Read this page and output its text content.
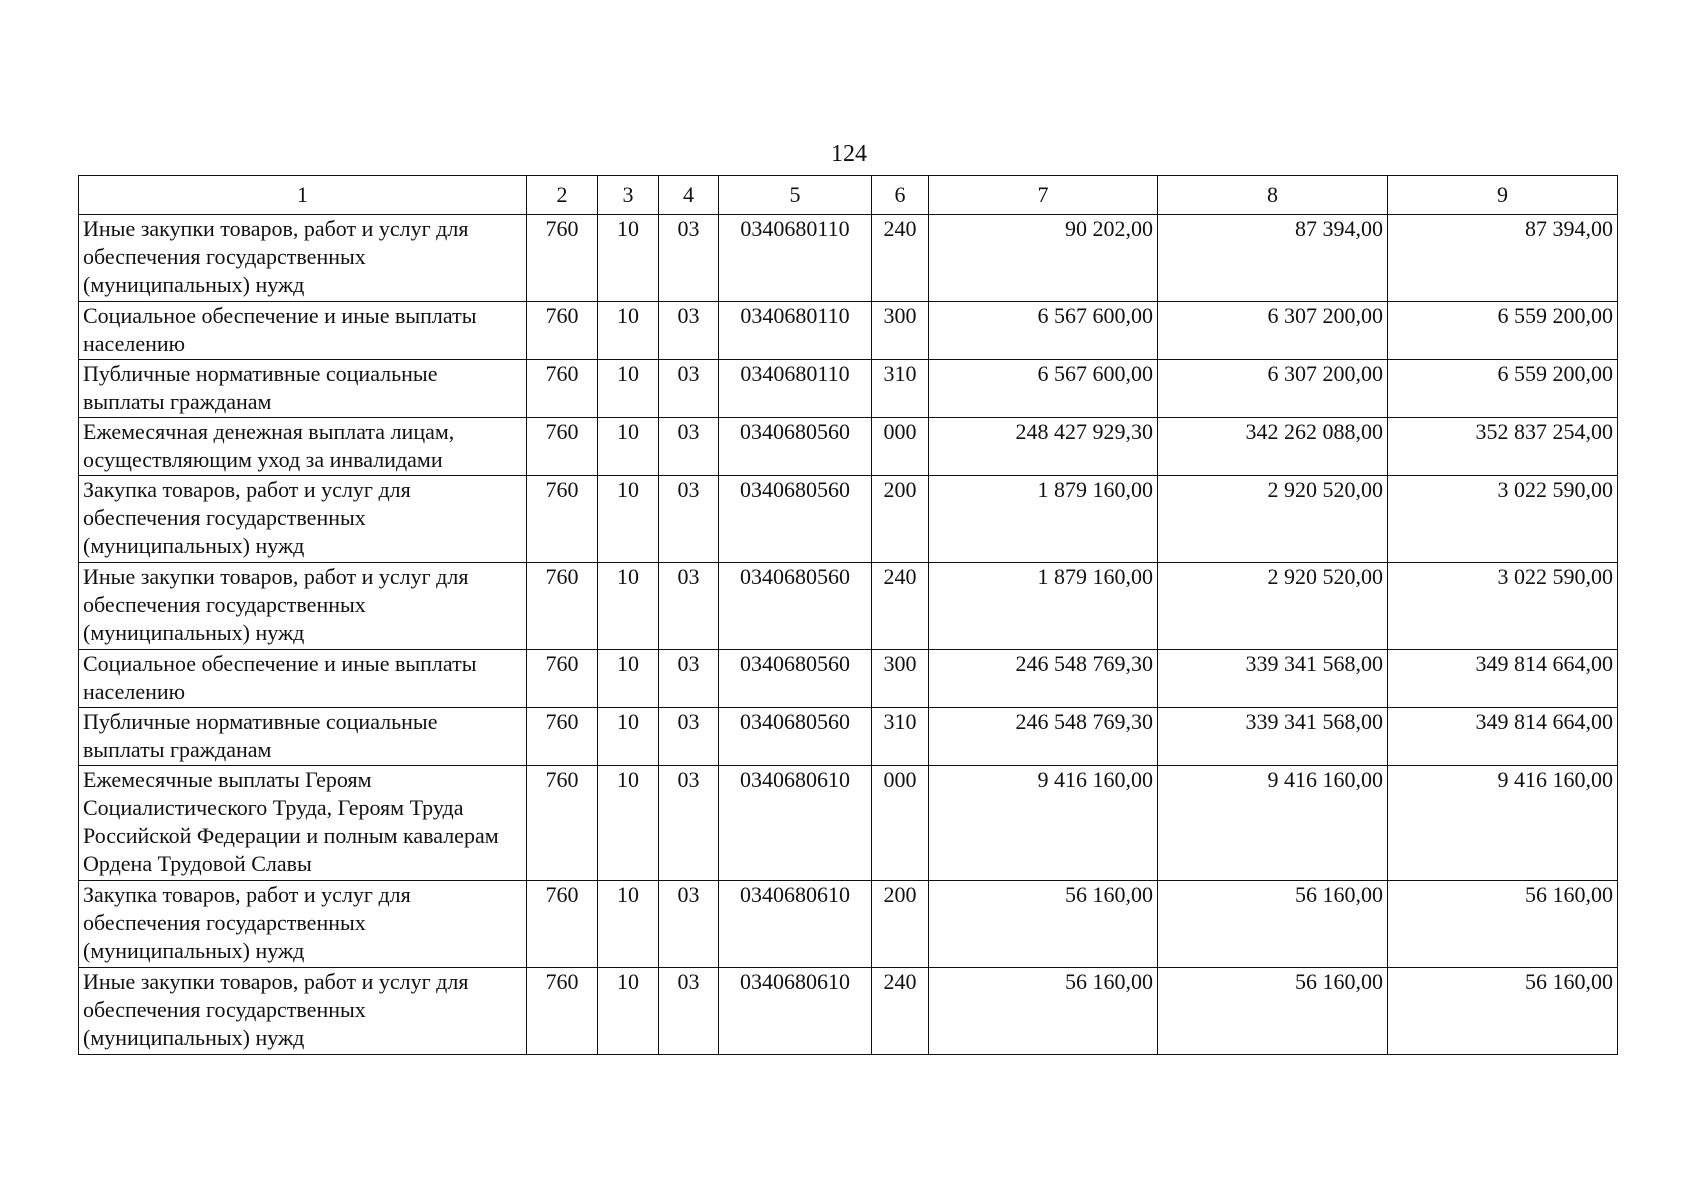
124
1	2	3	4	5	6	7	8	9
Иные закупки товаров, работ и услуг для обеспечения государственных (муниципальных) нужд	760	10	03	0340680110	240	90 202,00	87 394,00	87 394,00
Социальное обеспечение и иные выплаты населению	760	10	03	0340680110	300	6 567 600,00	6 307 200,00	6 559 200,00
Публичные нормативные социальные выплаты гражданам	760	10	03	0340680110	310	6 567 600,00	6 307 200,00	6 559 200,00
Ежемесячная денежная выплата лицам, осуществляющим уход за инвалидами	760	10	03	0340680560	000	248 427 929,30	342 262 088,00	352 837 254,00
Закупка товаров, работ и услуг для обеспечения государственных (муниципальных) нужд	760	10	03	0340680560	200	1 879 160,00	2 920 520,00	3 022 590,00
Иные закупки товаров, работ и услуг для обеспечения государственных (муниципальных) нужд	760	10	03	0340680560	240	1 879 160,00	2 920 520,00	3 022 590,00
Социальное обеспечение и иные выплаты населению	760	10	03	0340680560	300	246 548 769,30	339 341 568,00	349 814 664,00
Публичные нормативные социальные выплаты гражданам	760	10	03	0340680560	310	246 548 769,30	339 341 568,00	349 814 664,00
Ежемесячные выплаты Героям Социалистического Труда, Героям Труда Российской Федерации и полным кавалерам Ордена Трудовой Славы	760	10	03	0340680610	000	9 416 160,00	9 416 160,00	9 416 160,00
Закупка товаров, работ и услуг для обеспечения государственных (муниципальных) нужд	760	10	03	0340680610	200	56 160,00	56 160,00	56 160,00
Иные закупки товаров, работ и услуг для обеспечения государственных (муниципальных) нужд	760	10	03	0340680610	240	56 160,00	56 160,00	56 160,00
